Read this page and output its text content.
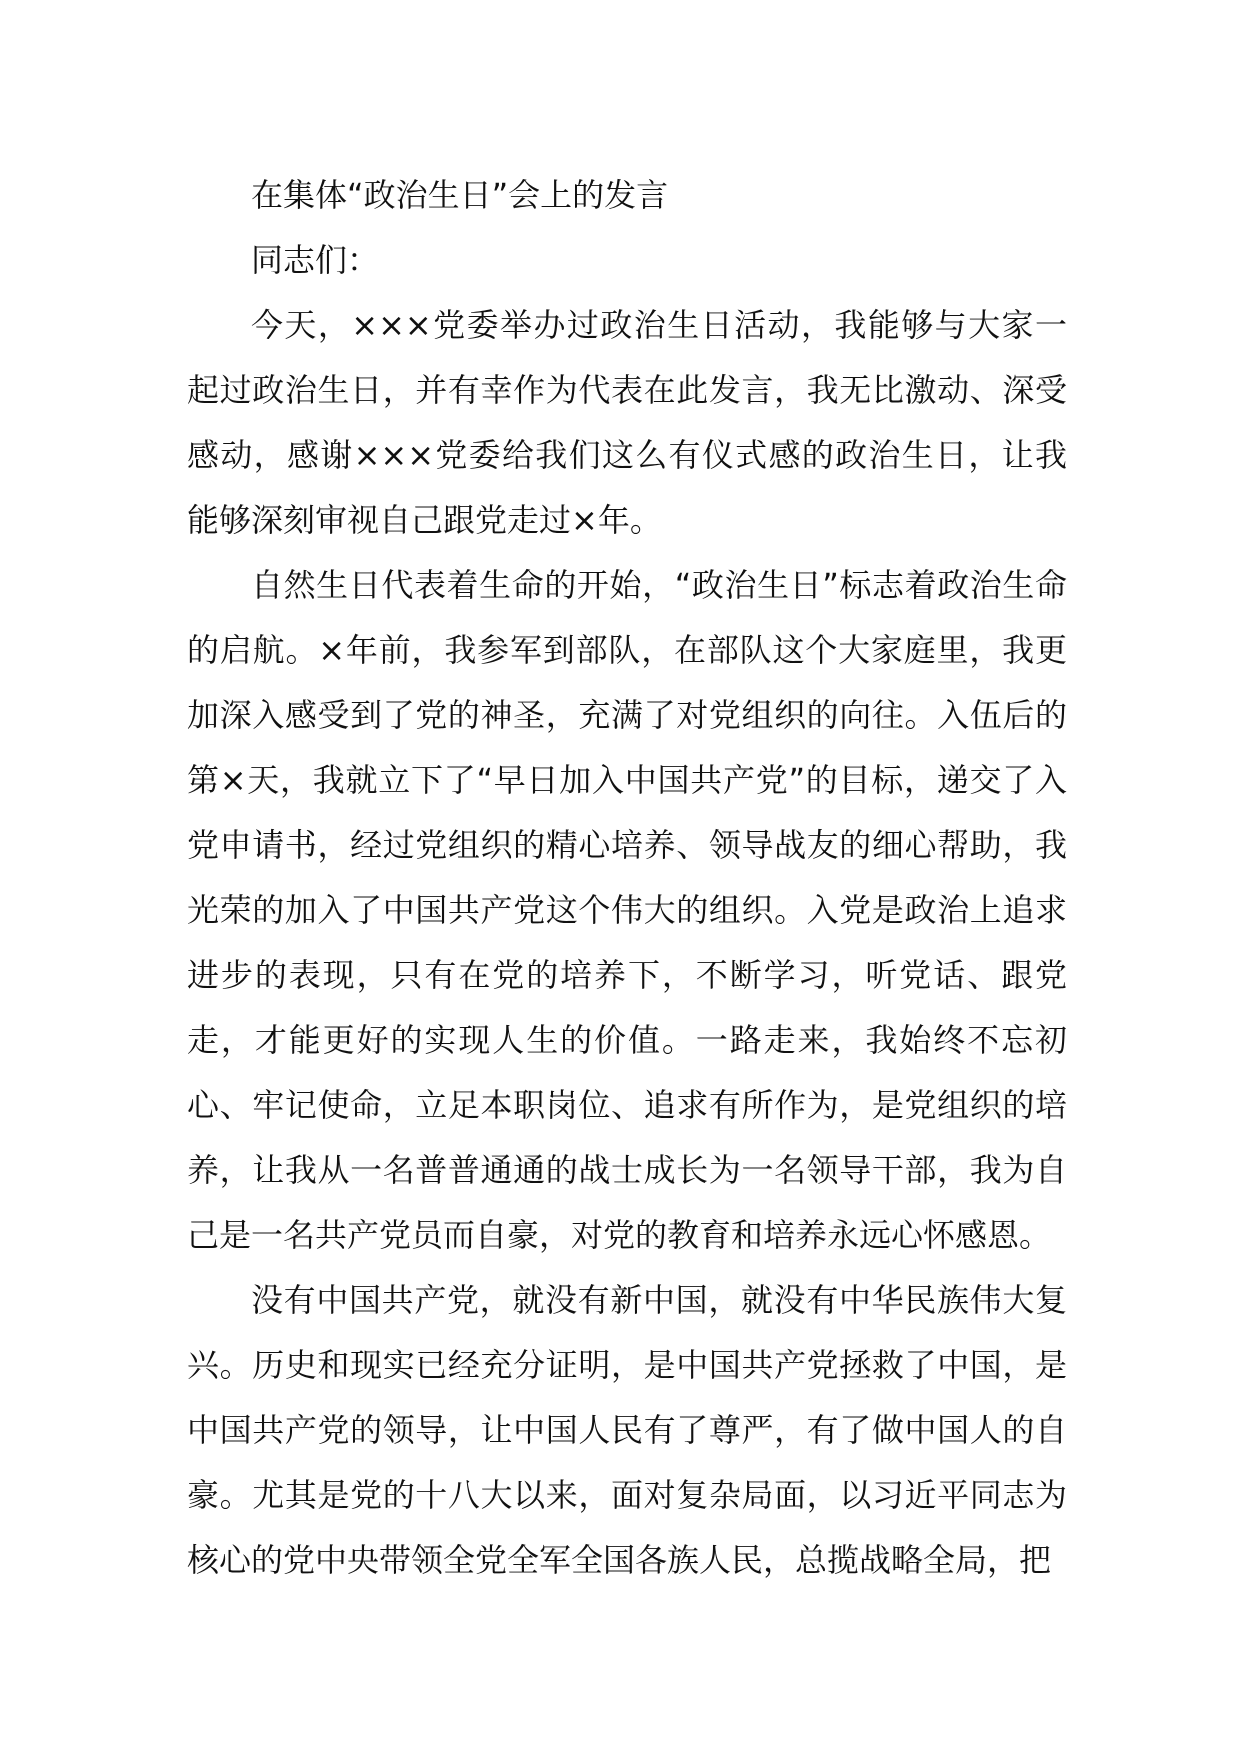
在集体“政治生日”会上的发言

同志们：

今天，×××党委举办过政治生日活动，我能够与大家一起过政治生日，并有幸作为代表在此发言，我无比激动、深受感动，感谢×××党委给我们这么有仪式感的政治生日，让我能够深刻审视自己跟党走过×年。

自然生日代表着生命的开始，“政治生日”标志着政治生命的启航。×年前，我参军到部队，在部队这个大家庭里，我更加深入感受到了党的神圣，充满了对党组织的向往。入伍后的第×天，我就立下了“早日加入中国共产党”的目标，递交了入党申请书，经过党组织的精心培养、领导战友的细心帮助，我光荣的加入了中国共产党这个伟大的组织。入党是政治上追求进步的表现，只有在党的培养下，不断学习，听党话、跟党走，才能更好的实现人生的价值。一路走来，我始终不忘初心、牢记使命，立足本职岗位、追求有所作为，是党组织的培养，让我从一名普普通通的战士成长为一名领导干部，我为自己是一名共产党员而自豪，对党的教育和培养永远心怀感恩。

没有中国共产党，就没有新中国，就没有中华民族伟大复兴。历史和现实已经充分证明，是中国共产党拯救了中国，是中国共产党的领导，让中国人民有了尊严，有了做中国人的自豪。尤其是党的十八大以来，面对复杂局面，以习近平同志为核心的党中央带领全党全军全国各族人民，总揽战略全局，把
